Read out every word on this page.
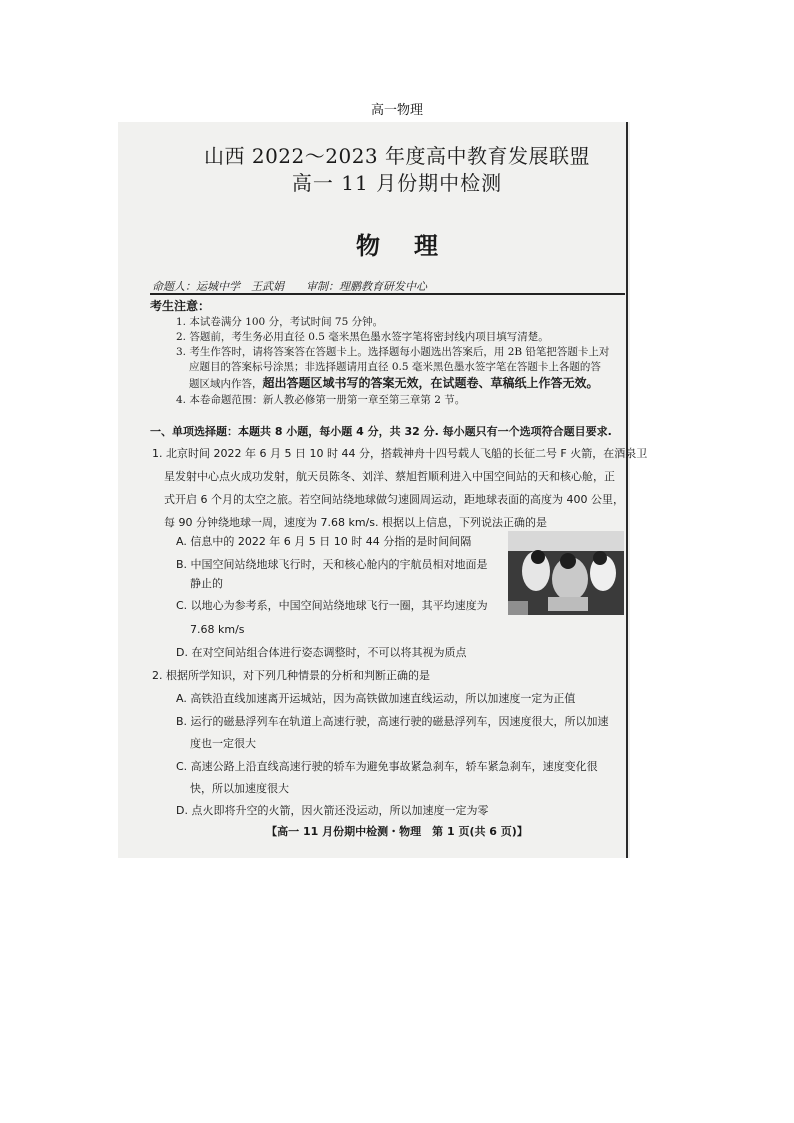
高一物理
山西 2022～2023 年度高中教育发展联盟
高一 11 月份期中检测
物理
命题人：运城中学　王武娟　　审制：理鹏教育研发中心
考生注意：
1. 本试卷满分 100 分，考试时间 75 分钟。
2. 答题前，考生务必用直径 0.5 毫米黑色墨水签字笔将密封线内项目填写清楚。
3. 考生作答时，请将答案答在答题卡上。选择题每小题选出答案后，用 2B 铅笔把答题卡上对
应题目的答案标号涂黑；非选择题请用直径 0.5 毫米黑色墨水签字笔在答题卡上各题的答
题区域内作答，超出答题区域书写的答案无效，在试题卷、草稿纸上作答无效。
4. 本卷命题范围：新人教必修第一册第一章至第三章第 2 节。
一、单项选择题：本题共 8 小题，每小题 4 分，共 32 分. 每小题只有一个选项符合题目要求.
1. 北京时间 2022 年 6 月 5 日 10 时 44 分，搭载神舟十四号载人飞船的长征二号 F 火箭，在酒泉卫
星发射中心点火成功发射，航天员陈冬、刘洋、蔡旭哲顺利进入中国空间站的天和核心舱，正
式开启 6 个月的太空之旅。若空间站绕地球做匀速圆周运动，距地球表面的高度为 400 公里，
每 90 分钟绕地球一周，速度为 7.68 km/s. 根据以上信息，下列说法正确的是
A. 信息中的 2022 年 6 月 5 日 10 时 44 分指的是时间间隔
B. 中国空间站绕地球飞行时，天和核心舱内的宇航员相对地面是
静止的
C. 以地心为参考系，中国空间站绕地球飞行一圈，其平均速度为
7.68 km/s
D. 在对空间站组合体进行姿态调整时，不可以将其视为质点
2. 根据所学知识，对下列几种情景的分析和判断正确的是
A. 高铁沿直线加速离开运城站，因为高铁做加速直线运动，所以加速度一定为正值
B. 运行的磁悬浮列车在轨道上高速行驶，高速行驶的磁悬浮列车，因速度很大，所以加速
度也一定很大
C. 高速公路上沿直线高速行驶的轿车为避免事故紧急刹车，轿车紧急刹车，速度变化很
快，所以加速度很大
D. 点火即将升空的火箭，因火箭还没运动，所以加速度一定为零
【高一 11 月份期中检测・物理　第 1 页(共 6 页)】
